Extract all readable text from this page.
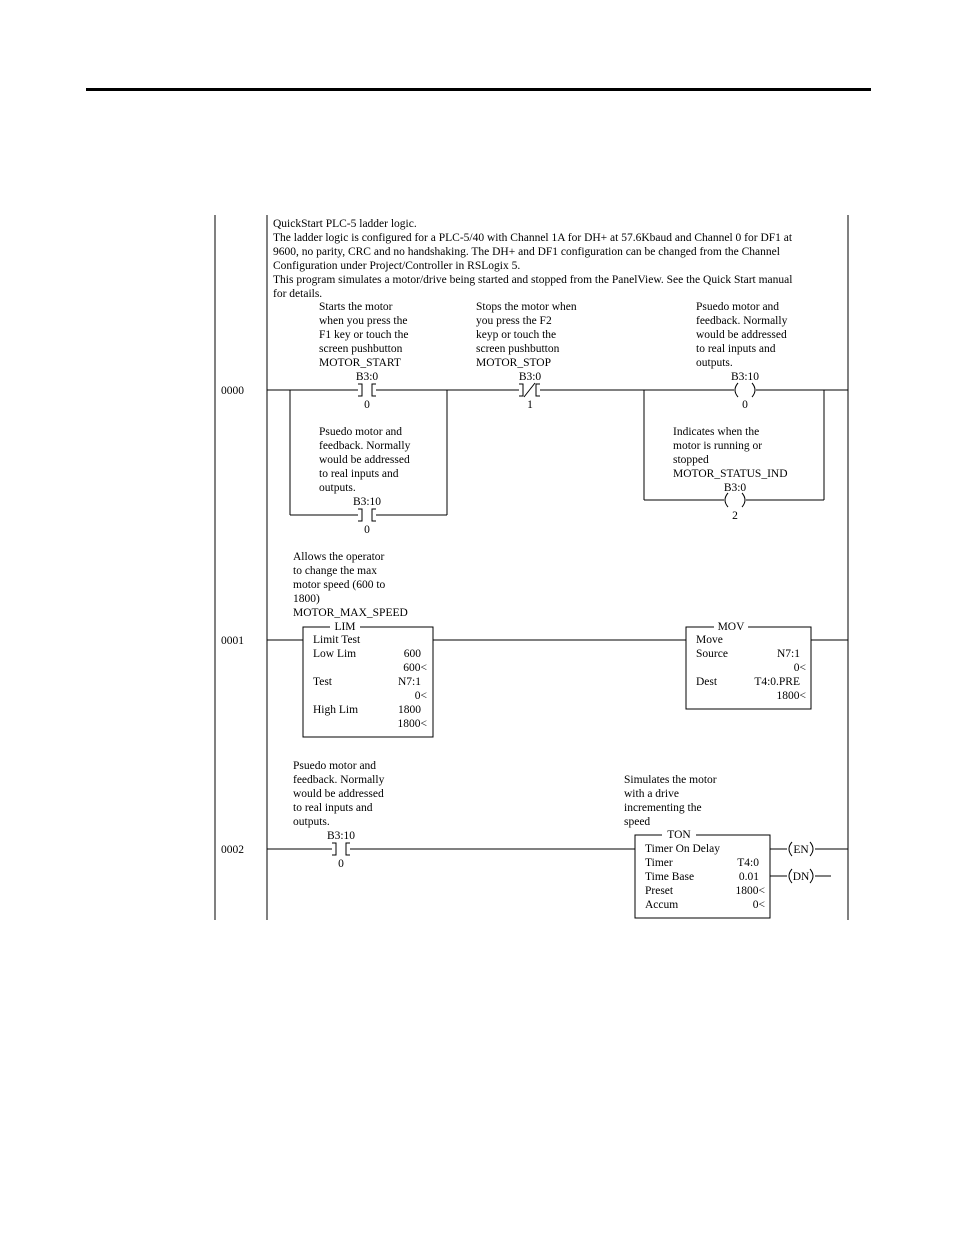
QuickStart PLC-5 ladder logic.
The ladder logic is configured for a PLC-5/40 with Channel 1A for DH+ at 57.6Kbaud and Channel 0 for DF1 at
9600, no parity, CRC and no handshaking. The DH+ and DF1 configuration can be changed from the Channel
Configuration under Project/Controller in RSLogix 5.
This program simulates a motor/drive being started and stopped from the PanelView. See the Quick Start manual
for details.
0000
Starts the motor
when you press the
F1 key or touch the
screen pushbutton
MOTOR_START
B3:0
0
Stops the motor when
you press the F2
keyp or touch the
screen pushbutton
MOTOR_STOP
B3:0
1
Psuedo motor and
feedback. Normally
would be addressed
to real inputs and
outputs.
B3:10
0
Psuedo motor and
feedback. Normally
would be addressed
to real inputs and
outputs.
B3:10
0
Indicates when the
motor is running or
stopped
MOTOR_STATUS_IND
B3:0
2
0001
Allows the operator
to change the max
motor speed (600 to
1800)
MOTOR_MAX_SPEED
LIM
Limit Test
Low Lim	600
600<
Test	N7:1
0<
High Lim	1800
1800<
MOV
Move
Source	N7:1
0<
Dest	T4:0.PRE
1800<
0002
Psuedo motor and
feedback. Normally
would be addressed
to real inputs and
outputs.
B3:10
0
Simulates the motor
with a drive
incrementing the
speed
TON
Timer On Delay
Timer	T4:0
Time Base	0.01
Preset	1800<
Accum	0<
EN
DN
